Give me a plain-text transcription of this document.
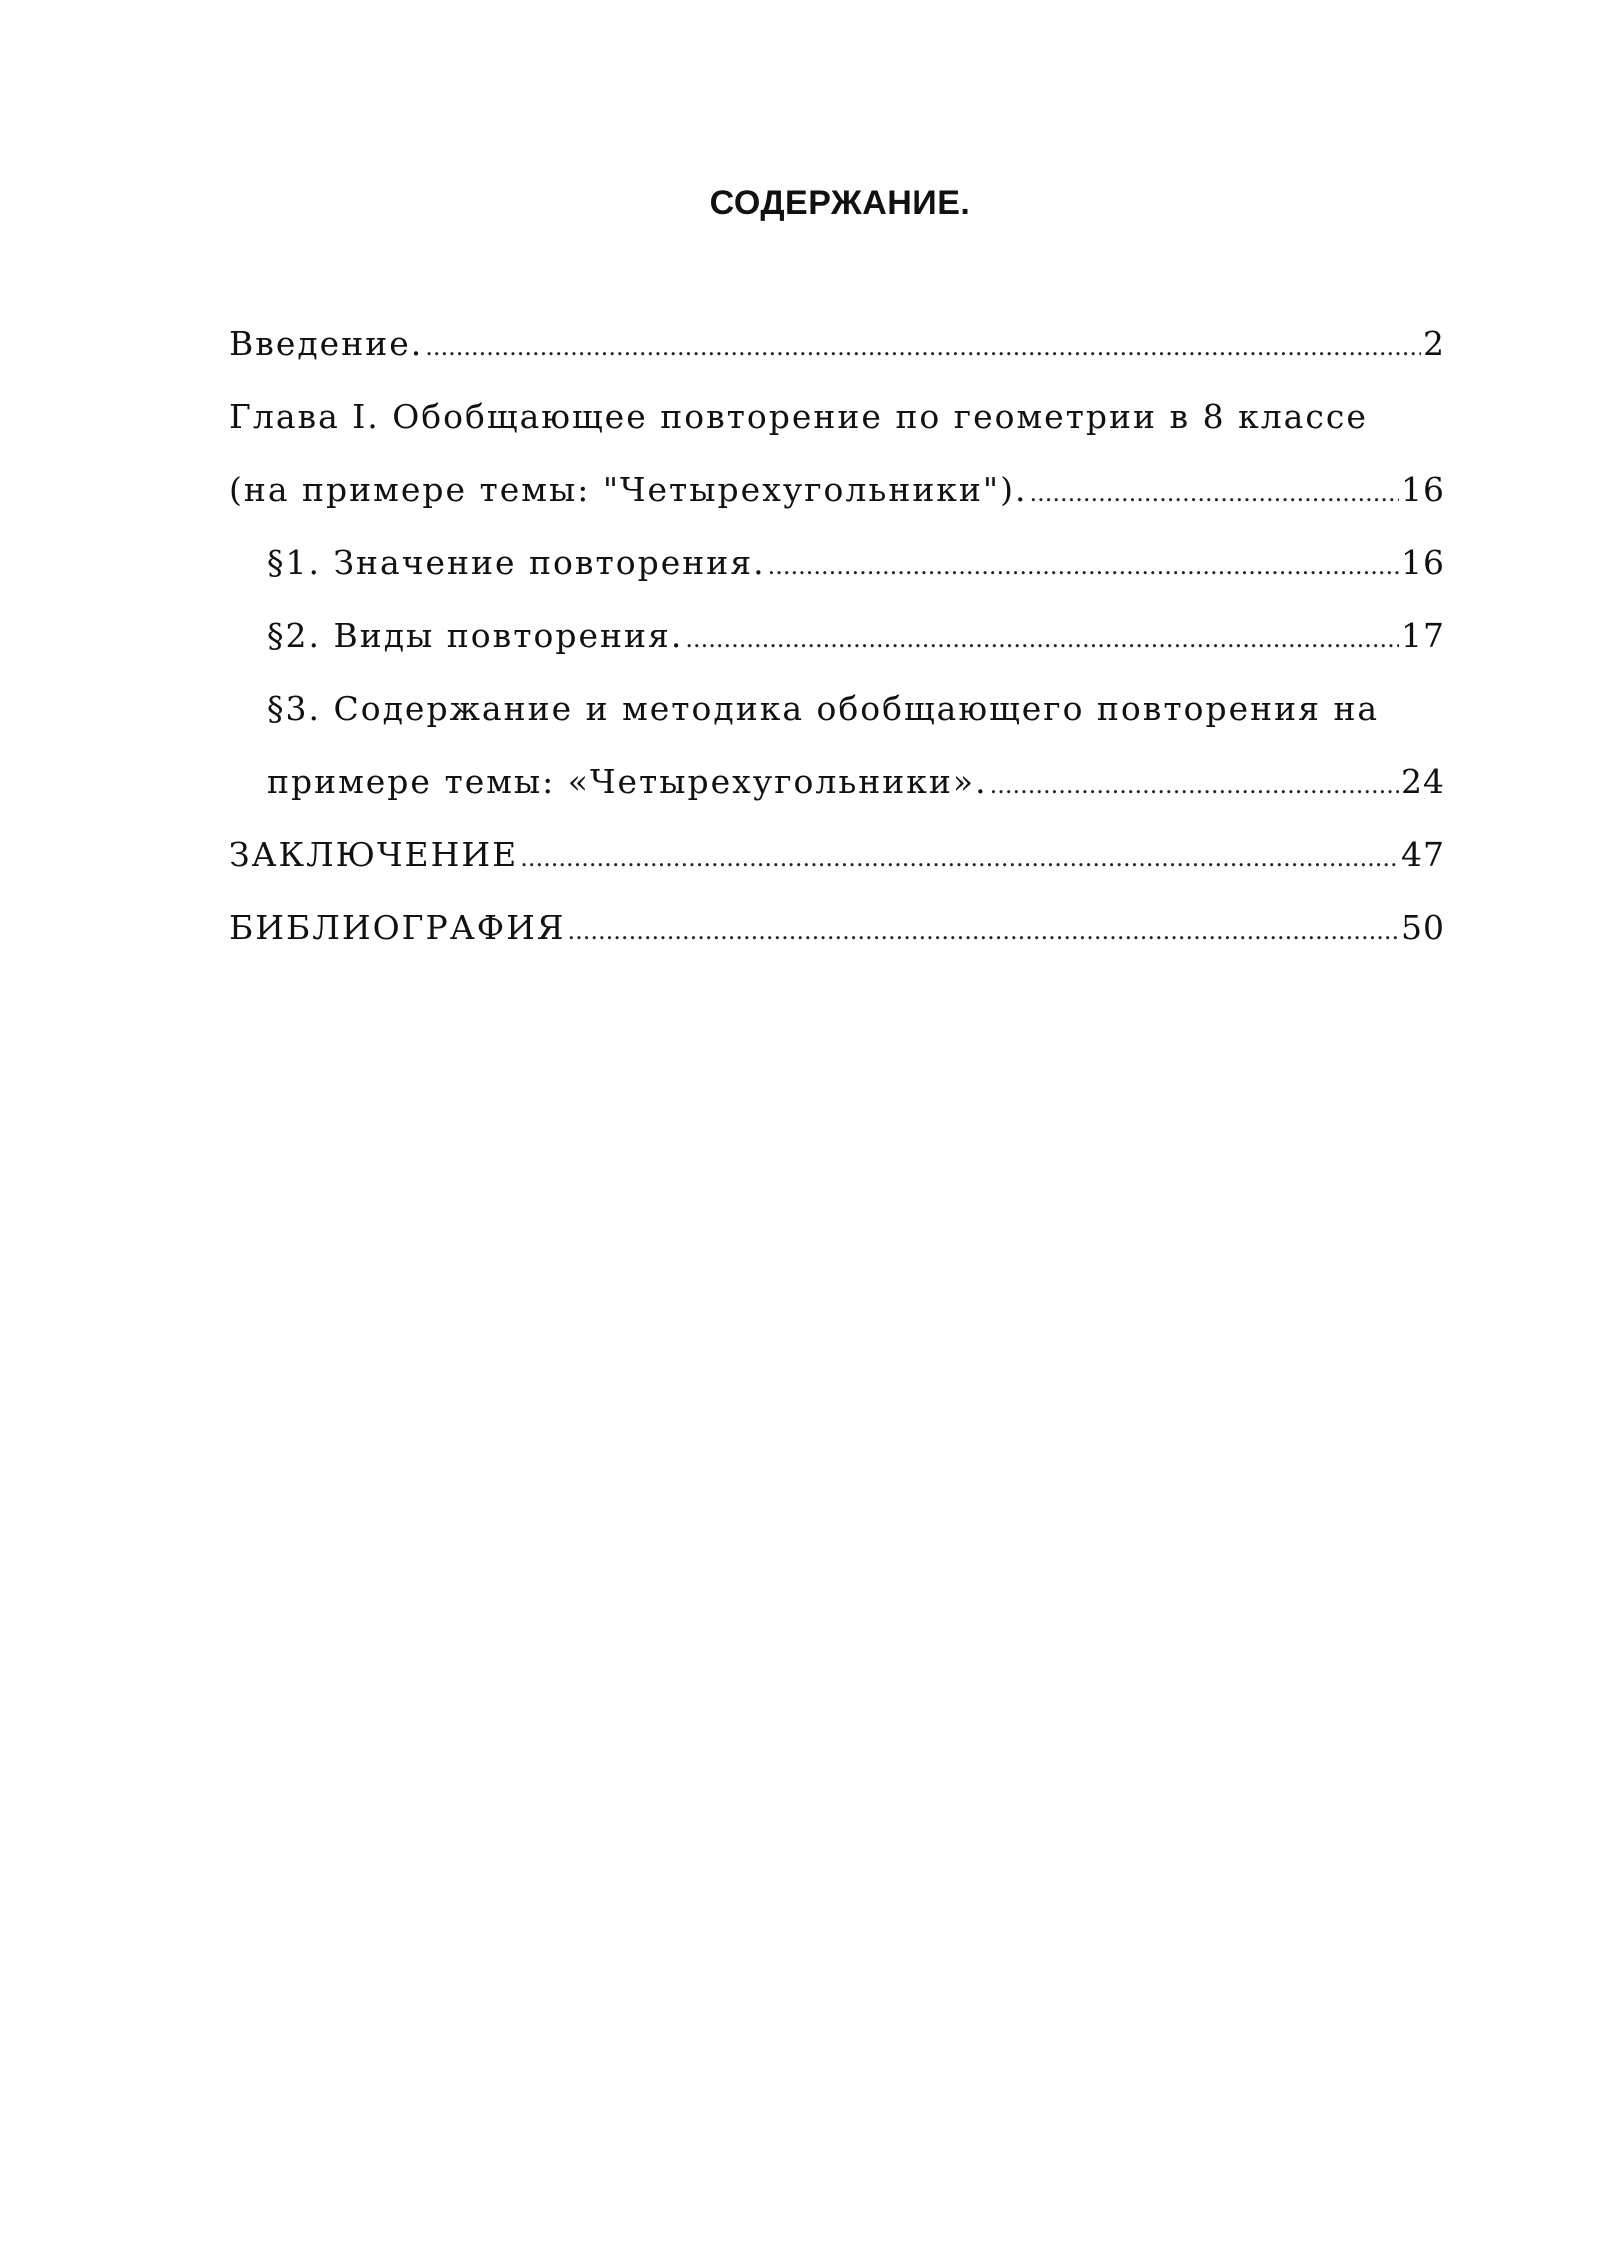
СОДЕРЖАНИЕ.
Введение. .....	2
Глава I. Обобщающее повторение по геометрии в 8 классе
(на примере темы: "Четырехугольники"). .....	16
§1. Значение повторения. .....	16
§2. Виды повторения. .....	17
§3. Содержание и методика обобщающего повторения на
примере темы: «Четырехугольники». .....	24
ЗАКЛЮЧЕНИЕ .....	47
БИБЛИОГРАФИЯ .....	50
